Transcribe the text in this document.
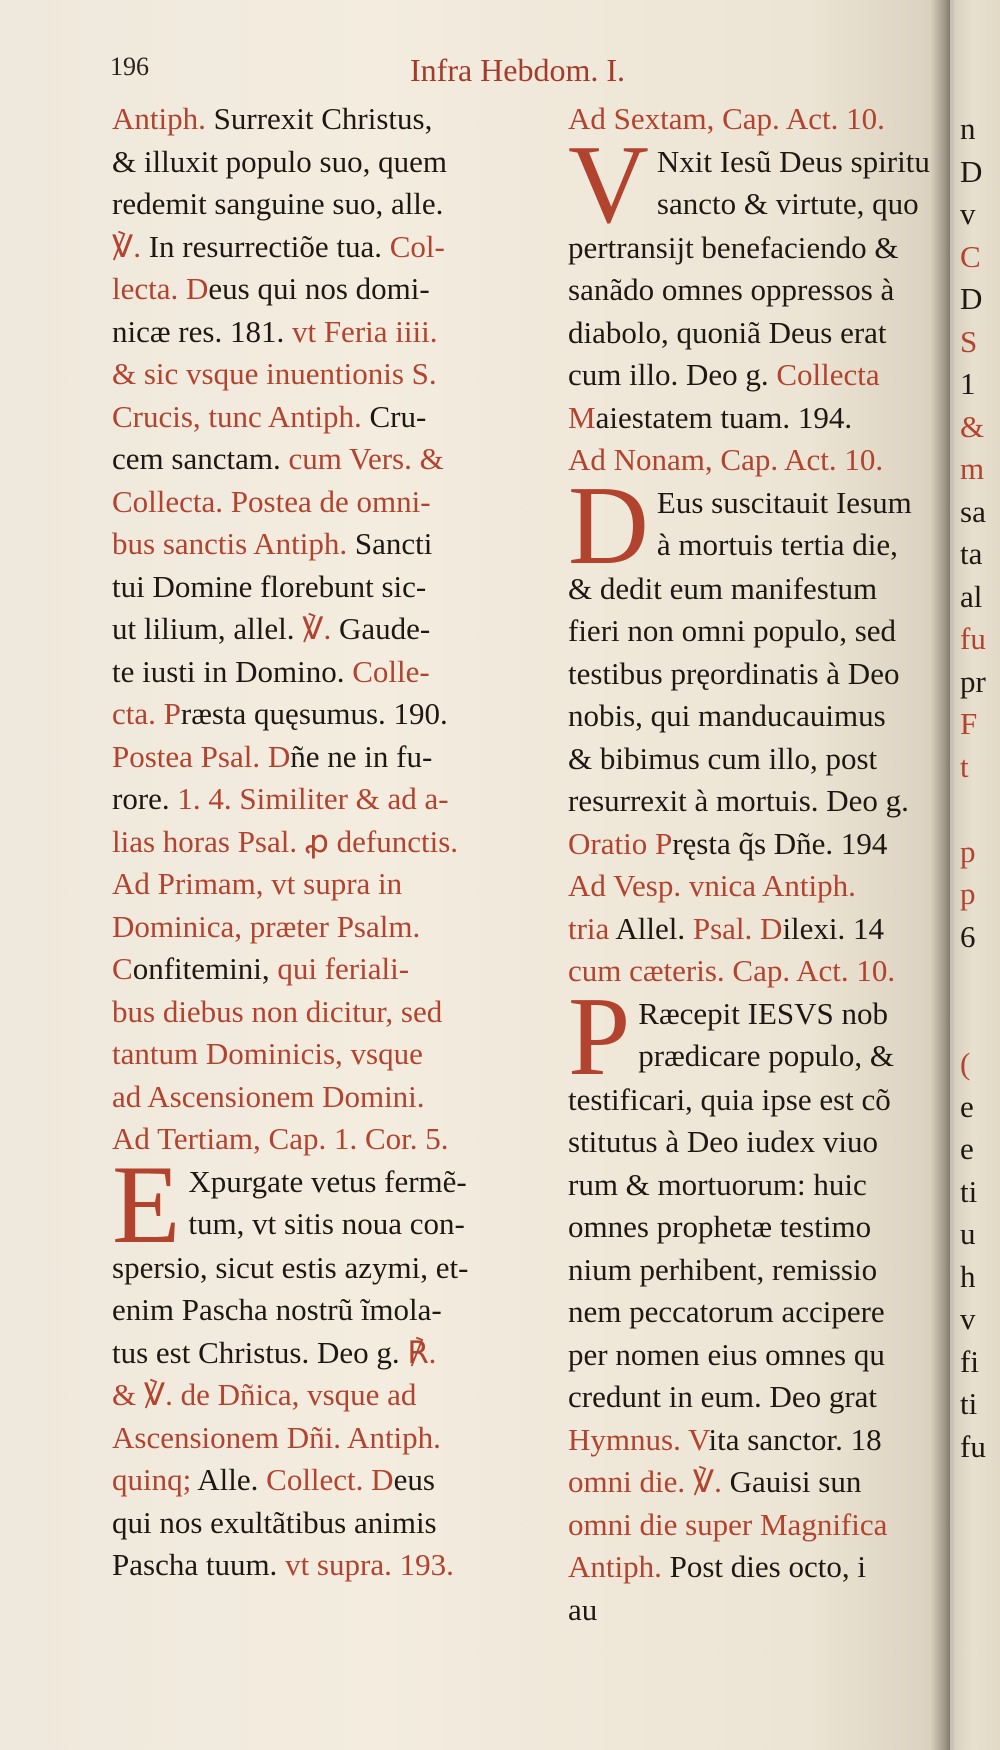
196	Infra Hebdom. I.
Antiph. Surrexit Christus,
& illuxit populo suo, quem
redemit sanguine suo, alle.
℣. In resurrectiõe tua. Col-
lecta. Deus qui nos domi-
nicæ res. 181. vt Feria iiii.
& sic vsque inuentionis S.
Crucis, tunc Antiph. Cru-
cem sanctam. cum Vers. &
Collecta. Postea de omni-
bus sanctis Antiph. Sancti
tui Domine florebunt sic-
ut lilium, allel. ℣. Gaude-
te iusti in Domino. Colle-
cta. Præsta quęsumus. 190.
Postea Psal. Dñe ne in fu-
rore. 1. 4. Similiter & ad a-
lias horas Psal. ꝓ defunctis.
Ad Primam, vt supra in
Dominica, præter Psalm.
Confitemini, qui feriali-
bus diebus non dicitur, sed
tantum Dominicis, vsque
ad Ascensionem Domini.
Ad Tertiam, Cap. 1. Cor. 5.
E Xpurgate vetus fermẽ-
tum, vt sitis noua con-
spersio, sicut estis azymi, et-
enim Pascha nostrũ ĩmola-
tus est Christus. Deo g. ℟.
& ℣. de Dñica, vsque ad
Ascensionem Dñi. Antiph.
quinq; Alle. Collect. Deus
qui nos exultãtibus animis
Pascha tuum. vt supra. 193.
Ad Sextam, Cap. Act. 10.
V Nxit Iesũ Deus spiritu
sancto & virtute, quo
pertransijt benefaciendo &
sanãdo omnes oppressos à
diabolo, quoniã Deus erat
cum illo. Deo g. Collecta
Maiestatem tuam. 194.
Ad Nonam, Cap. Act. 10.
D Eus suscitauit Iesum
à mortuis tertia die,
& dedit eum manifestum
fieri non omni populo, sed
testibus pręordinatis à Deo
nobis, qui manducauimus
& bibimus cum illo, post
resurrexit à mortuis. Deo g.
Oratio Pręsta q̃s Dñe. 194
Ad Vesp. vnica Antiph.
tria Allel. Psal. Dilexi. 14
cum cæteris. Cap. Act. 10.
P Ræcepit IESVS nob
prædicare populo, &
testificari, quia ipse est cõ
stitutus à Deo iudex viuo
rum & mortuorum: huic
omnes prophetæ testimo
nium perhibent, remissio
nem peccatorum accipere
per nomen eius omnes qu
credunt in eum. Deo grat
Hymnus. Vita sanctor. 18
omni die. ℣. Gauisi sun
omni die super Magnifica
Antiph. Post dies octo, i
au
n
D
v
C
D
S
1
&
m
sa
ta
al
fu
pr
F
t
p
p
6
(
e
e
ti
u
h
v
fi
ti
fu
